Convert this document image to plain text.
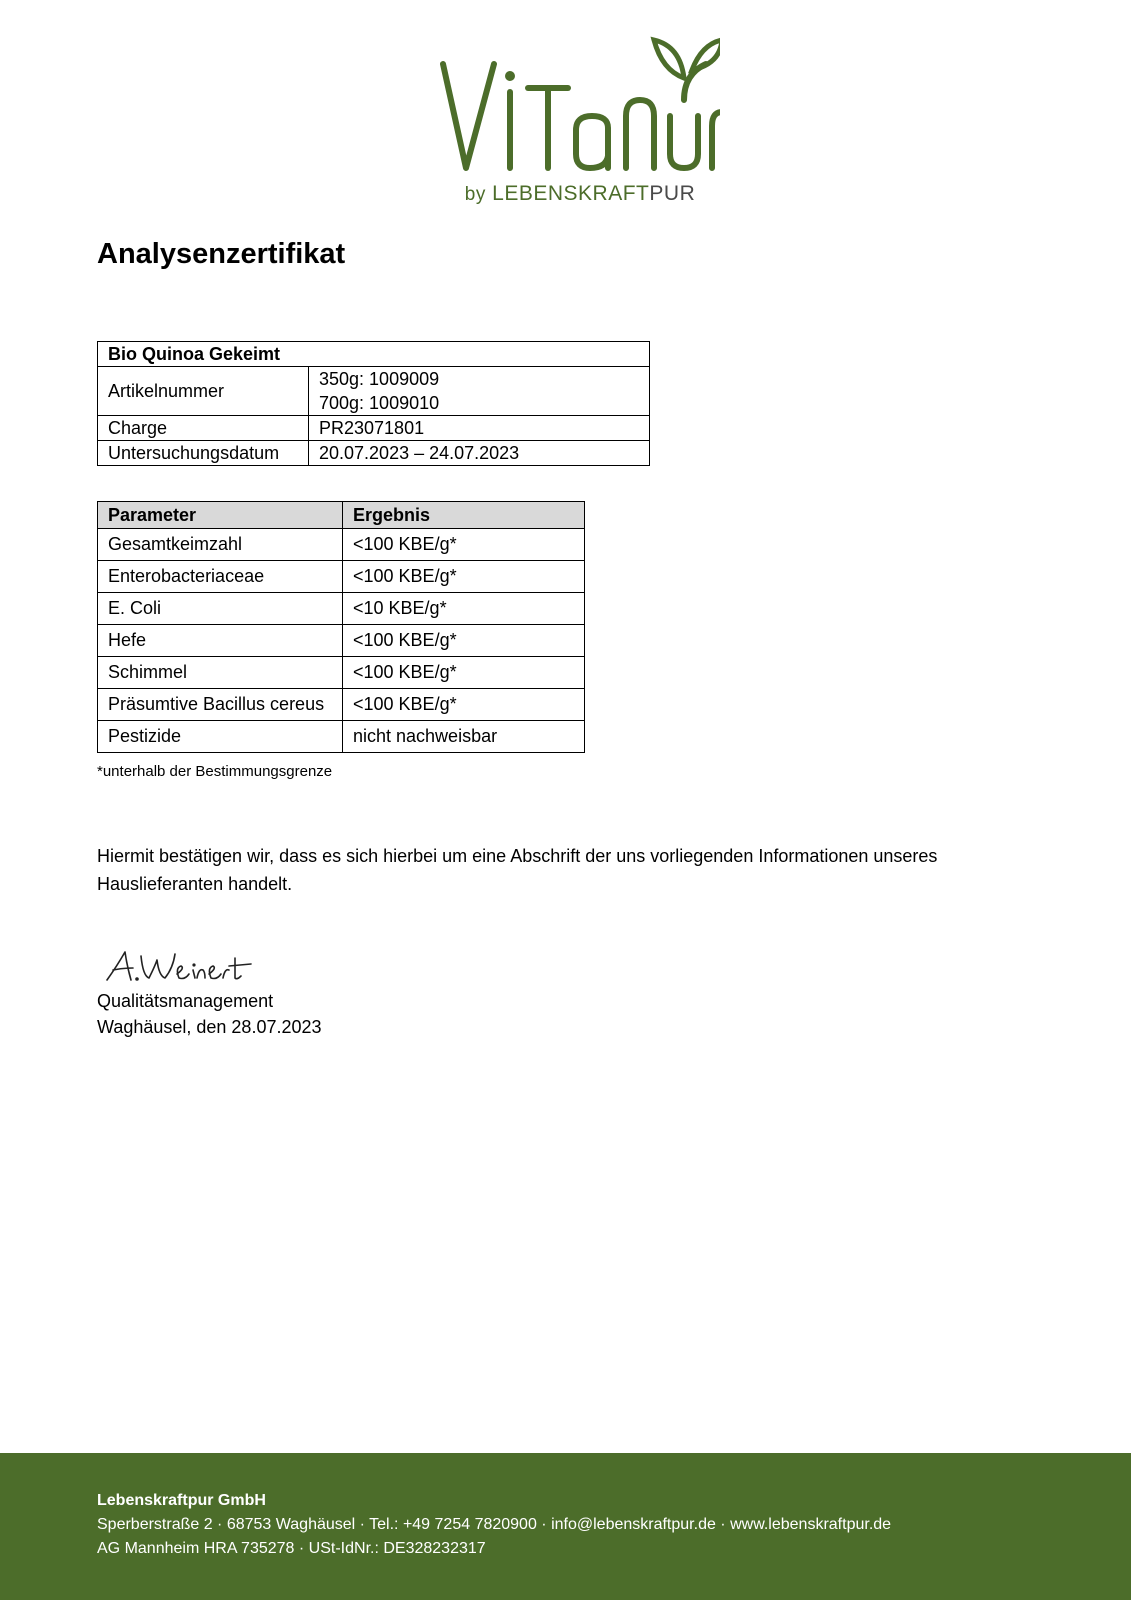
by LEBENSKRAFTPUR
Analysenzertifikat
Bio Quinoa Gekeimt	
Artikelnummer	350g: 1009009
700g: 1009010

Charge	PR23071801
Untersuchungsdatum	20.07.2023 – 24.07.2023
Parameter	Ergebnis
Gesamtkeimzahl	<100 KBE/g*
Enterobacteriaceae	<100 KBE/g*
E. Coli	<10 KBE/g*
Hefe	<100 KBE/g*
Schimmel	<100 KBE/g*
Präsumtive Bacillus cereus	<100 KBE/g*
Pestizide	nicht nachweisbar
*unterhalb der Bestimmungsgrenze

Hiermit bestätigen wir, dass es sich hierbei um eine Abschrift der uns vorliegenden Informationen unseres Hauslieferanten handelt.

Qualitätsmanagement
Waghäusel, den 28.07.2023
Lebenskraftpur GmbH
Sperberstraße 2 · 68753 Waghäusel · Tel.: +49 7254 7820900 · info@lebenskraftpur.de · www.lebenskraftpur.de
AG Mannheim HRA 735278 · USt-IdNr.: DE328232317
